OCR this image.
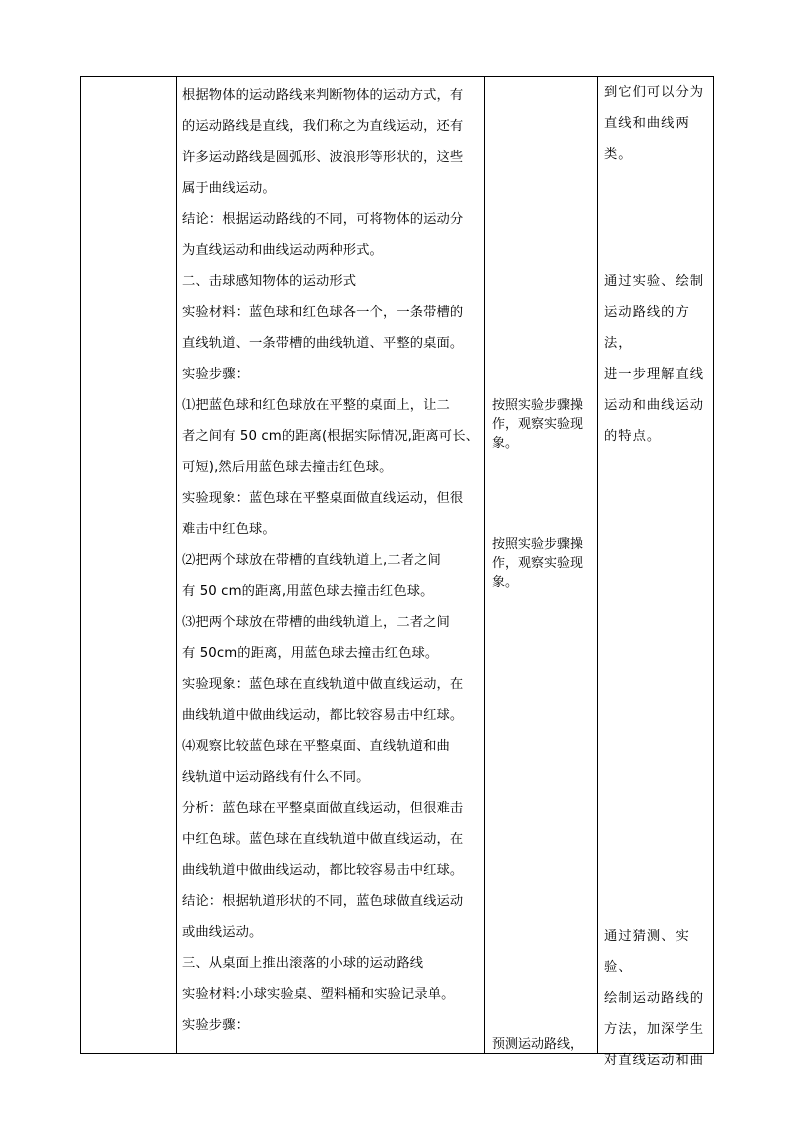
根据物体的运动路线来判断物体的运动方式，有

的运动路线是直线，我们称之为直线运动，还有

许多运动路线是圆弧形、波浪形等形状的，这些

属于曲线运动。

结论：根据运动路线的不同，可将物体的运动分

为直线运动和曲线运动两种形式。

二、击球感知物体的运动形式

实验材料：蓝色球和红色球各一个，一条带槽的

直线轨道、一条带槽的曲线轨道、平整的桌面。

实验步骤：

⑴把蓝色球和红色球放在平整的桌面上，让二

者之间有 50 cm的距离(根据实际情况,距离可长、

可短),然后用蓝色球去撞击红色球。

实验现象：蓝色球在平整桌面做直线运动，但很

难击中红色球。

⑵把两个球放在带槽的直线轨道上,二者之间

有 50 cm的距离,用蓝色球去撞击红色球。

⑶把两个球放在带槽的曲线轨道上，二者之间

有 50cm的距离，用蓝色球去撞击红色球。

实验现象：蓝色球在直线轨道中做直线运动，在

曲线轨道中做曲线运动，都比较容易击中红球。

⑷观察比较蓝色球在平整桌面、直线轨道和曲

线轨道中运动路线有什么不同。

分析：蓝色球在平整桌面做直线运动，但很难击

中红色球。蓝色球在直线轨道中做直线运动，在

曲线轨道中做曲线运动，都比较容易击中红球。

结论：根据轨道形状的不同，蓝色球做直线运动

或曲线运动。

三、从桌面上推出滚落的小球的运动路线

实验材料:小球实验桌、塑料桶和实验记录单。

实验步骤：

按照实验步骤操

作，观察实验现

象。

按照实验步骤操

作，观察实验现

象。

预测运动路线，

到它们可以分为

直线和曲线两类。

通过实验、绘制

运动路线的方法，

进一步理解直线

运动和曲线运动

的特点。

通过猜测、实验、

绘制运动路线的

方法，加深学生

对直线运动和曲
